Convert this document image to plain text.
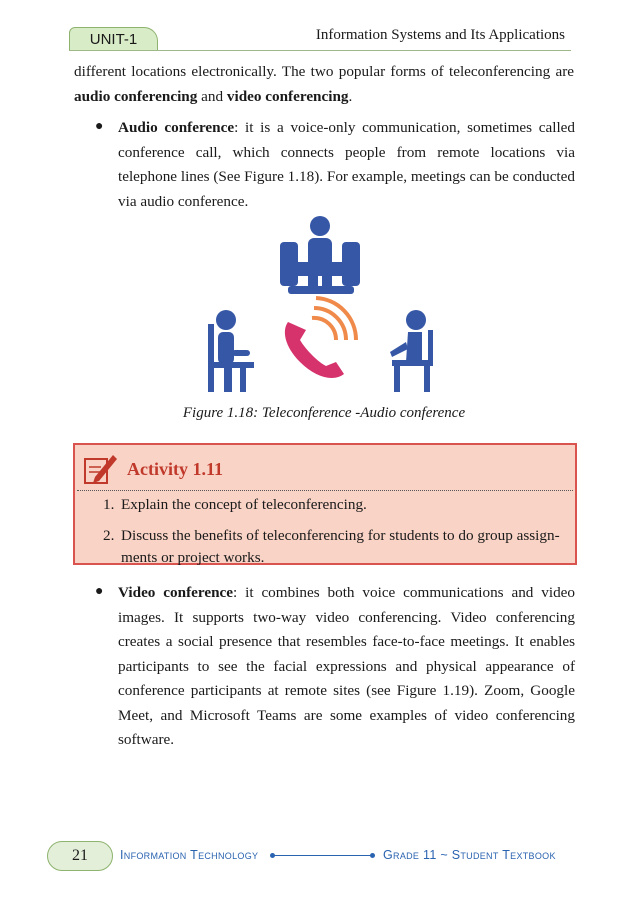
UNIT-1	Information Systems and Its Applications
different locations electronically. The two popular forms of teleconferencing are audio conferencing and video conferencing.
● Audio conference: it is a voice-only communication, sometimes called conference call, which connects people from remote locations via telephone lines (See Figure 1.18). For example, meetings can be conducted via audio conference.
Figure 1.18: Teleconference -Audio conference
Activity 1.11
1. Explain the concept of teleconferencing.
2. Discuss the benefits of teleconferencing for students to do group assign-ments or project works.
● Video conference: it combines both voice communications and video images. It supports two-way video conferencing. Video conferencing creates a social presence that resembles face-to-face meetings. It enables participants to see the facial expressions and physical appearance of conference participants at remote sites (see Figure 1.19). Zoom, Google Meet, and Microsoft Teams are some examples of video conferencing software.
21	Information Technology	Grade 11 ~ Student Textbook
